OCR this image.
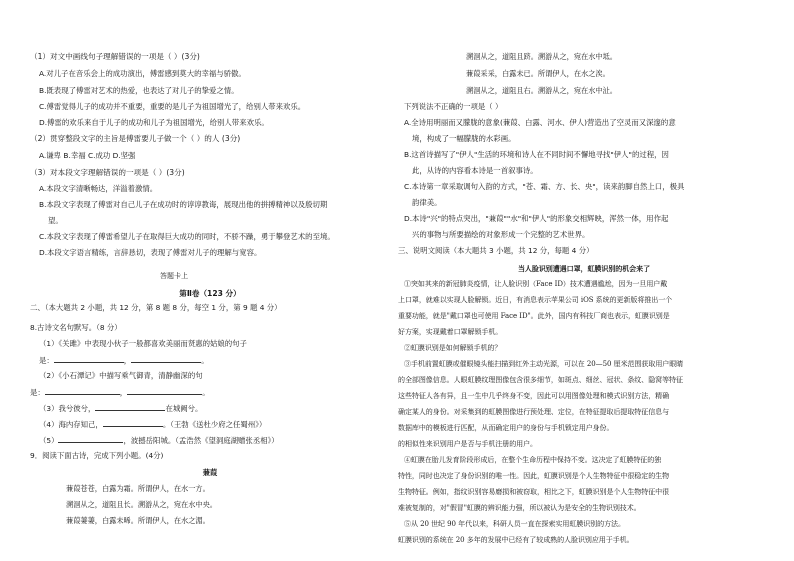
（1）对文中画线句子理解错误的一项是（ ）(3分)
A.对儿子在音乐会上的成功演出，傅雷感到莫大的幸福与骄傲。
B.既表现了傅雷对艺术的热爱，也表达了对儿子的挚爱之情。
C.傅雷觉得儿子的成功并不重要，重要的是儿子为祖国增光了，给别人带来欢乐。
D.傅雷的欢乐来自于儿子的成功和儿子为祖国增光，给别人带来欢乐。
（2）贯穿整段文字的主旨是傅雷要儿子做一个（ ）的人 (3分)
A.谦卑 B.幸福 C.成功 D.坚强
（3）对本段文字理解错误的一项是（ ）(3分)
A.本段文字清晰畅达，洋溢着激情。
B.本段文字表现了傅雷对自己儿子在成功时的谆谆教诲，展现出他的拼搏精神以及殷切期
望。
C.本段文字表现了傅雷希望儿子在取得巨大成功的同时，不骄不躁，勇于攀登艺术的至境。
D.本段文字语言精练，言辞恳切，表现了傅雷对儿子的理解与宽容。
答题卡上
第Ⅱ卷（123 分）
二、（本大题共 2 小题，共 12 分，第 8 题 8 分，每空 1 分，第 9 题 4 分）
8.古诗文名句默写。（8 分）
（1）《关雎》中表现小伙子一般都喜欢美丽而贤惠的姑娘的句子
是：	，	。
（2）《小石潭记》中描写乘气御青，清静幽深的句
是：	，	。
（3）我兮彼兮，	在城阙兮。
（4）海内存知己，	。（王勃《送杜少府之任蜀州》）
（5）	，波撼岳阳城。（孟浩然《望洞庭湖赠张丞相》）
9．阅读下面古诗，完成下列小题。(4分)
蒹葭
蒹葭苍苍，白露为霜。所谓伊人，在水一方。
溯洄从之，道阻且长。溯游从之，宛在水中央。
蒹葭萋萋，白露未晞。所谓伊人，在水之湄。
溯洄从之，道阻且跻。溯游从之，宛在水中坻。
蒹葭采采，白露未已。所谓伊人，在水之涘。
溯洄从之，道阻且右。溯游从之，宛在水中沚。
下列说法不正确的一项是（ ）
A.全诗用明丽而又朦胧的意象(蒹葭、白露、河水、伊人)营造出了空灵而又深邃的意
境，构成了一幅朦胧的水彩画。
B.这首诗描写了"伊人"生活的环境和诗人在不同时间不懈地寻找"伊人"的过程，因
此，从诗的内容看本诗是一首叙事诗。
C.本诗第一章采取调句入韵的方式，"苍、霜、方、长、央"，读来韵脚自然上口，极具
韵律美。
D.本诗"兴"的特点突出，"兼葭""水"和"伊人"的形象交相辉映，浑然一体，用作起
兴的事物与所要描绘的对象形成一个完整的艺术世界。
三、说明文阅读（本大题共 3 小题，共 12 分，每题 4 分）
当人脸识别遭遇口罩，虹膜识别的机会来了
①突如其来的新冠肺炎疫情，让人脸识别（Face ID）技术遭遇尴尬，因为一旦用户戴
上口罩，就难以实现人脸解锁。近日，有消息表示苹果公司 iOS 系统的更新版将推出一个
重要功能，就是"戴口罩也可使用 Face ID"。此外，国内有科技厂商也表示，虹膜识别是
好方案，实现戴着口罩解锁手机。
②虹膜识别是如何解锁手机的？
③手机前置虹膜或催眼镜头能扫描到红外主动光源，可以在 20—50 厘米范围获取用户眼睛
的全部图像信息。人眼虹膜纹理图像包含很多细节，如斑点、细丝、冠状、条纹、隐窝等特征
这些特征人各有异，且一生中几乎终身不变，因此可以用图像处理和模式识别方法，精确
确定某人的身份。对采集到的虹膜图像进行预处理、定位，在特征提取后提取特征信息与
数据库中的模板进行匹配，从而确定用户的身份与手机锁定用户身份。
的相似性来识别用户是否与手机注册的用户。
④虹膜在胎儿发育阶段形成后，在整个生命历程中保持不变。这决定了虹膜特征的独
特性，同时也决定了身份识别的唯一性。因此，虹膜识别是个人生物特征中很稳定的生物
生物特征。例如，指纹识别容易磨损和被窃取，相比之下，虹膜识别是个人生物特征中很
难被复制的，对"假冒"虹膜的辨识能力强，所以被认为是安全的生物识别技术。
⑤从 20 世纪 90 年代以来，科研人员一直在探索实用虹膜识别的方法。
虹膜识别的系统在 20 多年的发展中已经有了较成熟的人脸识别应用于手机。
